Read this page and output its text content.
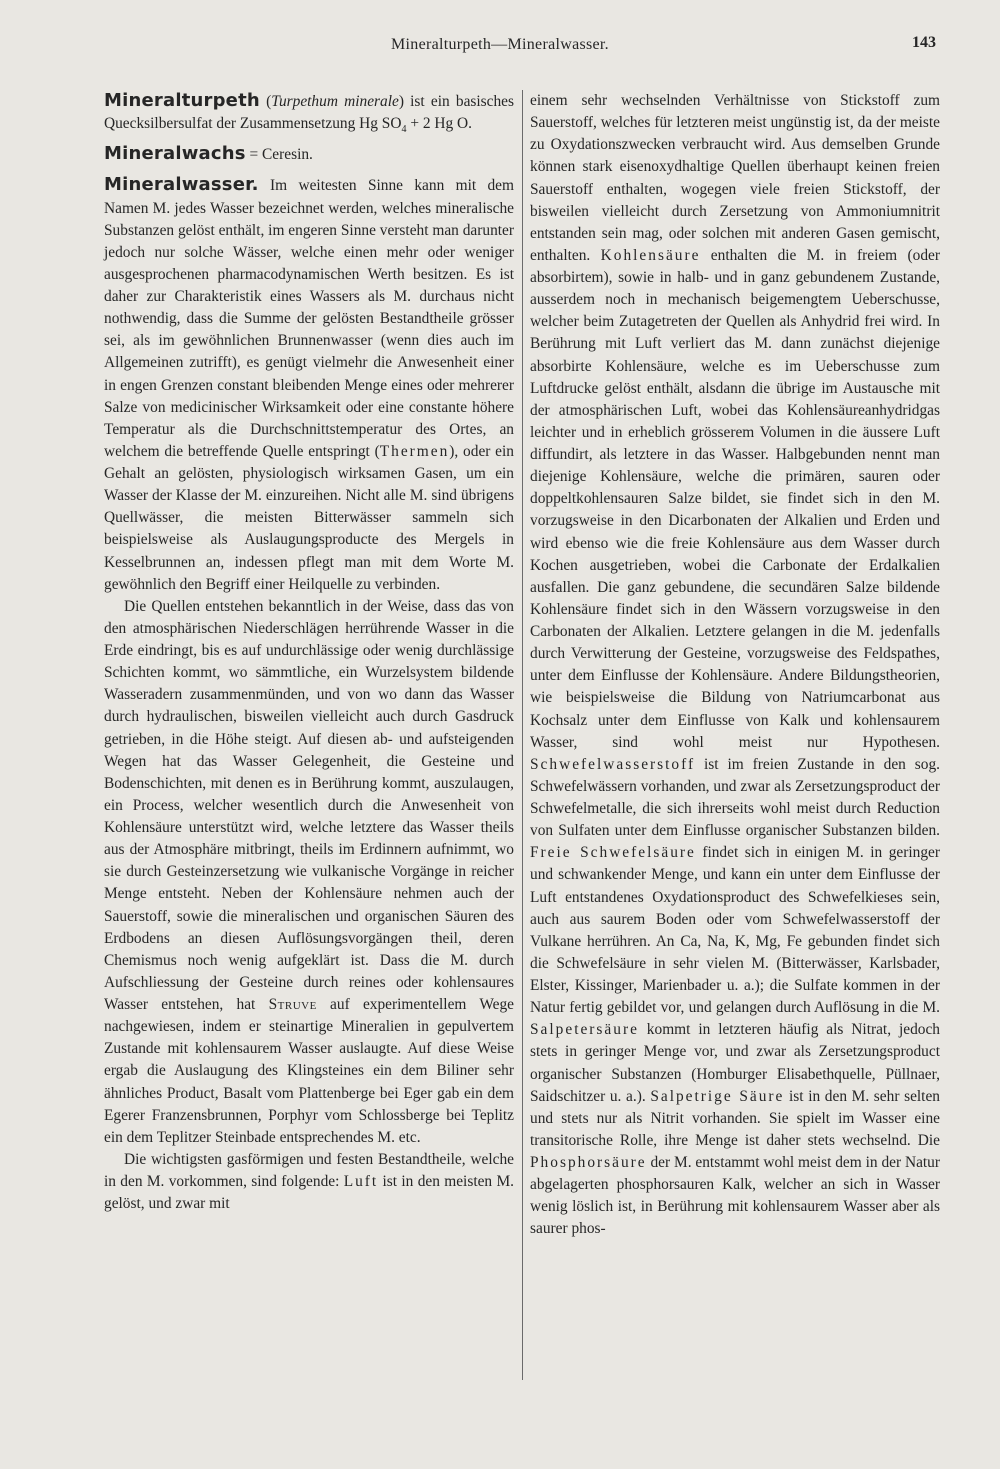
Mineralturpeth—Mineralwasser.	143

Mineralturpeth (Turpethum minerale) ist ein basisches Quecksilbersulfat der Zusammensetzung Hg $SO_4 + 2$ Hg O.

Mineralwachs = Ceresin.

Mineralwasser. Im weitesten Sinne kann mit dem Namen M. jedes Wasser bezeichnet werden, welches mineralische Substanzen gelöst enthält, im engeren Sinne versteht man darunter jedoch nur solche Wässer, welche einen mehr oder weniger ausgesprochenen pharmacodynamischen Werth besitzen. Es ist daher zur Charakteristik eines Wassers als M. durchaus nicht nothwendig, dass die Summe der gelösten Bestandtheile grösser sei, als im gewöhnlichen Brunnenwasser (wenn dies auch im Allgemeinen zutrifft), es genügt vielmehr die Anwesenheit einer in engen Grenzen constant bleibenden Menge eines oder mehrerer Salze von medicinischer Wirksamkeit oder eine constante höhere Temperatur als die Durchschnittstemperatur des Ortes, an welchem die betreffende Quelle entspringt (Thermen), oder ein Gehalt an gelösten, physiologisch wirksamen Gasen, um ein Wasser der Klasse der M. einzureihen. Nicht alle M. sind übrigens Quellwässer, die meisten Bitterwässer sammeln sich beispielsweise als Auslaugungsproducte des Mergels in Kesselbrunnen an, indessen pflegt man mit dem Worte M. gewöhnlich den Begriff einer Heilquelle zu verbinden.

Die Quellen entstehen bekanntlich in der Weise, dass das von den atmosphärischen Niederschlägen herrührende Wasser in die Erde eindringt, bis es auf undurchlässige oder wenig durchlässige Schichten kommt, wo sämmtliche, ein Wurzelsystem bildende Wasseradern zusammenmünden, und von wo dann das Wasser durch hydraulischen, bisweilen vielleicht auch durch Gasdruck getrieben, in die Höhe steigt. Auf diesen ab- und aufsteigenden Wegen hat das Wasser Gelegenheit, die Gesteine und Bodenschichten, mit denen es in Berührung kommt, auszulaugen, ein Process, welcher wesentlich durch die Anwesenheit von Kohlensäure unterstützt wird, welche letztere das Wasser theils aus der Atmosphäre mitbringt, theils im Erdinnern aufnimmt, wo sie durch Gesteinzersetzung wie vulkanische Vorgänge in reicher Menge entsteht. Neben der Kohlensäure nehmen auch der Sauerstoff, sowie die mineralischen und organischen Säuren des Erdbodens an diesen Auflösungsvorgängen theil, deren Chemismus noch wenig aufgeklärt ist. Dass die M. durch Aufschliessung der Gesteine durch reines oder kohlensaures Wasser entstehen, hat Struve auf experimentellem Wege nachgewiesen, indem er steinartige Mineralien in gepulvertem Zustande mit kohlensaurem Wasser auslaugte. Auf diese Weise ergab die Auslaugung des Klingsteines ein dem Biliner sehr ähnliches Product, Basalt vom Plattenberge bei Eger gab ein dem Egerer Franzensbrunnen, Porphyr vom Schlossberge bei Teplitz ein dem Teplitzer Steinbade entsprechendes M. etc.

Die wichtigsten gasförmigen und festen Bestandtheile, welche in den M. vorkommen, sind folgende: Luft ist in den meisten M. gelöst, und zwar mit

einem sehr wechselnden Verhältnisse von Stickstoff zum Sauerstoff, welches für letzteren meist ungünstig ist, da der meiste zu Oxydationszwecken verbraucht wird. Aus demselben Grunde können stark eisenoxydhaltige Quellen überhaupt keinen freien Sauerstoff enthalten, wogegen viele freien Stickstoff, der bisweilen vielleicht durch Zersetzung von Ammoniumnitrit entstanden sein mag, oder solchen mit anderen Gasen gemischt, enthalten. Kohlensäure enthalten die M. in freiem (oder absorbirtem), sowie in halb- und in ganz gebundenem Zustande, ausserdem noch in mechanisch beigemengtem Ueberschusse, welcher beim Zutagetreten der Quellen als Anhydrid frei wird. In Berührung mit Luft verliert das M. dann zunächst diejenige absorbirte Kohlensäure, welche es im Ueberschusse zum Luftdrucke gelöst enthält, alsdann die übrige im Austausche mit der atmosphärischen Luft, wobei das Kohlensäureanhydridgas leichter und in erheblich grösserem Volumen in die äussere Luft diffundirt, als letztere in das Wasser. Halbgebunden nennt man diejenige Kohlensäure, welche die primären, sauren oder doppeltkohlensauren Salze bildet, sie findet sich in den M. vorzugsweise in den Dicarbonaten der Alkalien und Erden und wird ebenso wie die freie Kohlensäure aus dem Wasser durch Kochen ausgetrieben, wobei die Carbonate der Erdalkalien ausfallen. Die ganz gebundene, die secundären Salze bildende Kohlensäure findet sich in den Wässern vorzugsweise in den Carbonaten der Alkalien. Letztere gelangen in die M. jedenfalls durch Verwitterung der Gesteine, vorzugsweise des Feldspathes, unter dem Einflusse der Kohlensäure. Andere Bildungstheorien, wie beispielsweise die Bildung von Natriumcarbonat aus Kochsalz unter dem Einflusse von Kalk und kohlensaurem Wasser, sind wohl meist nur Hypothesen. Schwefelwasserstoff ist im freien Zustande in den sog. Schwefelwässern vorhanden, und zwar als Zersetzungsproduct der Schwefelmetalle, die sich ihrerseits wohl meist durch Reduction von Sulfaten unter dem Einflusse organischer Substanzen bilden. Freie Schwefelsäure findet sich in einigen M. in geringer und schwankender Menge, und kann ein unter dem Einflusse der Luft entstandenes Oxydationsproduct des Schwefelkieses sein, auch aus saurem Boden oder vom Schwefelwasserstoff der Vulkane herrühren. An Ca, Na, K, Mg, Fe gebunden findet sich die Schwefelsäure in sehr vielen M. (Bitterwässer, Karlsbader, Elster, Kissinger, Marienbader u. a.); die Sulfate kommen in der Natur fertig gebildet vor, und gelangen durch Auflösung in die M. Salpetersäure kommt in letzteren häufig als Nitrat, jedoch stets in geringer Menge vor, und zwar als Zersetzungsproduct organischer Substanzen (Homburger Elisabethquelle, Püllnaer, Saidschitzer u. a.). Salpetrige Säure ist in den M. sehr selten und stets nur als Nitrit vorhanden. Sie spielt im Wasser eine transitorische Rolle, ihre Menge ist daher stets wechselnd. Die Phosphorsäure der M. entstammt wohl meist dem in der Natur abgelagerten phosphorsauren Kalk, welcher an sich in Wasser wenig löslich ist, in Berührung mit kohlensaurem Wasser aber als saurer phos-
